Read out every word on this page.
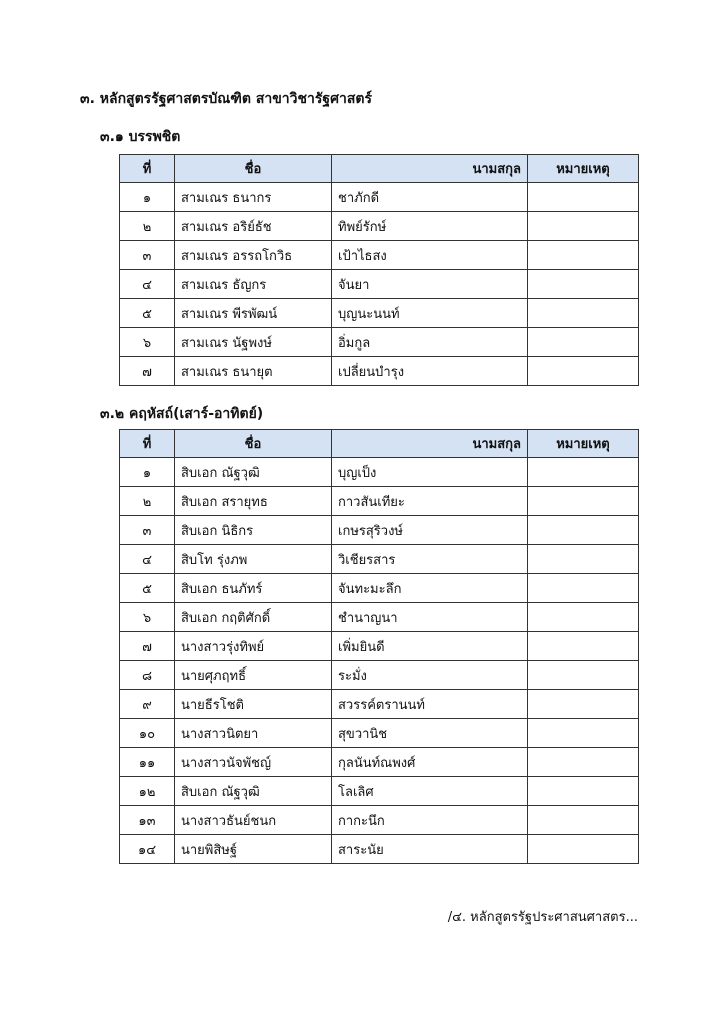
๓. หลักสูตรรัฐศาสตรบัณฑิต สาขาวิชารัฐศาสตร์
๓.๑ บรรพชิต
ที่	ชื่อ	นามสกุล	หมายเหตุ
๑	สามเณร ธนากร	ชาภักดี	
๒	สามเณร อริย์ธัช	ทิพย์รักษ์	
๓	สามเณร อรรถโกวิธ	เป้าไธสง	
๔	สามเณร ธัญกร	จันยา	
๕	สามเณร พีรพัฒน์	บุญนะนนท์	
๖	สามเณร นัฐพงษ์	อิ่มกูล	
๗	สามเณร ธนายุต	เปลี่ยนบำรุง	
๓.๒ คฤหัสถ์(เสาร์-อาทิตย์)
ที่	ชื่อ	นามสกุล	หมายเหตุ
๑	สิบเอก ณัฐวุฒิ	บุญเป็ง	
๒	สิบเอก สรายุทธ	กาวสันเทียะ	
๓	สิบเอก นิธิกร	เกษรสุริวงษ์	
๔	สิบโท รุ่งภพ	วิเชียรสาร	
๕	สิบเอก ธนภัทร์	จันทะมะลึก	
๖	สิบเอก กฤติศักดิ์	ชำนาญนา	
๗	นางสาวรุ่งทิพย์	เพิ่มยินดี	
๘	นายศุภฤทธิ์	ระมั่ง	
๙	นายธีรโชติ	สวรรค์ตรานนท์	
๑๐	นางสาวนิตยา	สุขวานิช	
๑๑	นางสาวนัจพัชญ์	กุลนันท์ณพงศ์	
๑๒	สิบเอก ณัฐวุฒิ	โลเลิศ	
๑๓	นางสาวธันย์ชนก	กากะนึก	
๑๔	นายพิสิษฐ์	สาระนัย	
/๔. หลักสูตรรัฐประศาสนศาสตร...
